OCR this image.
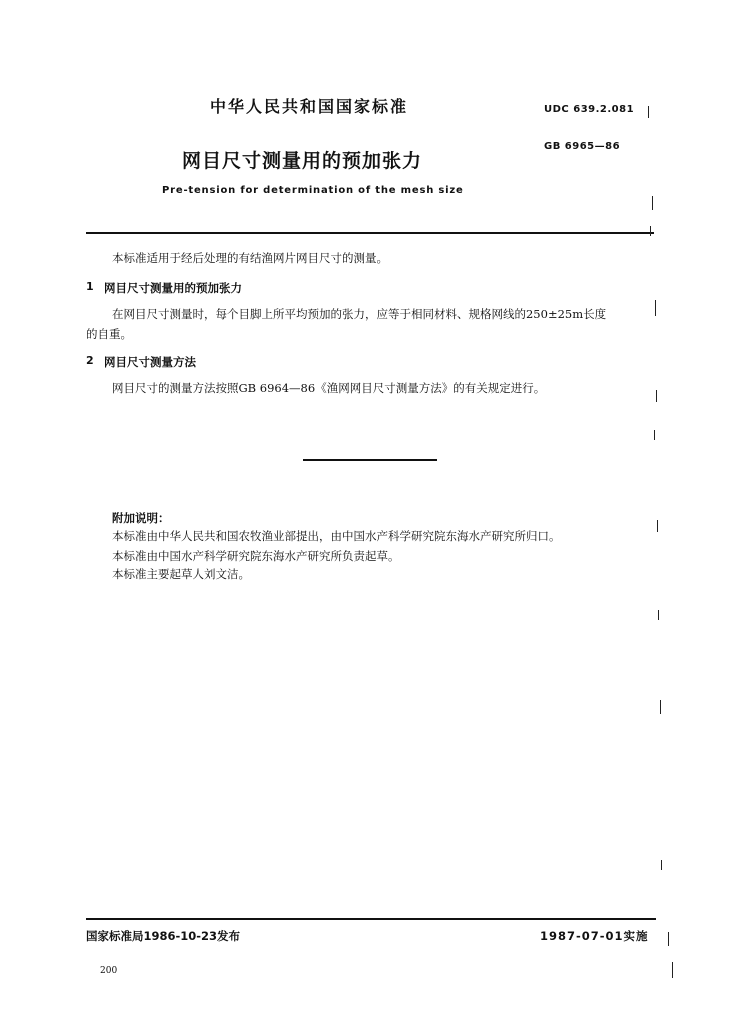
中华人民共和国国家标准	UDC 639.2.081
GB 6965—86
网目尺寸测量用的预加张力
Pre-tension for determination of the mesh size
本标准适用于经后处理的有结渔网片网目尺寸的测量。
1 网目尺寸测量用的预加张力
在网目尺寸测量时，每个目脚上所平均预加的张力，应等于相同材料、规格网线的250±25m长度
的自重。
2 网目尺寸测量方法
网目尺寸的测量方法按照GB 6964—86《渔网网目尺寸测量方法》的有关规定进行。
附加说明：
本标准由中华人民共和国农牧渔业部提出，由中国水产科学研究院东海水产研究所归口。
本标准由中国水产科学研究院东海水产研究所负责起草。
本标准主要起草人刘文洁。
国家标准局1986-10-23发布	1987-07-01实施
200
